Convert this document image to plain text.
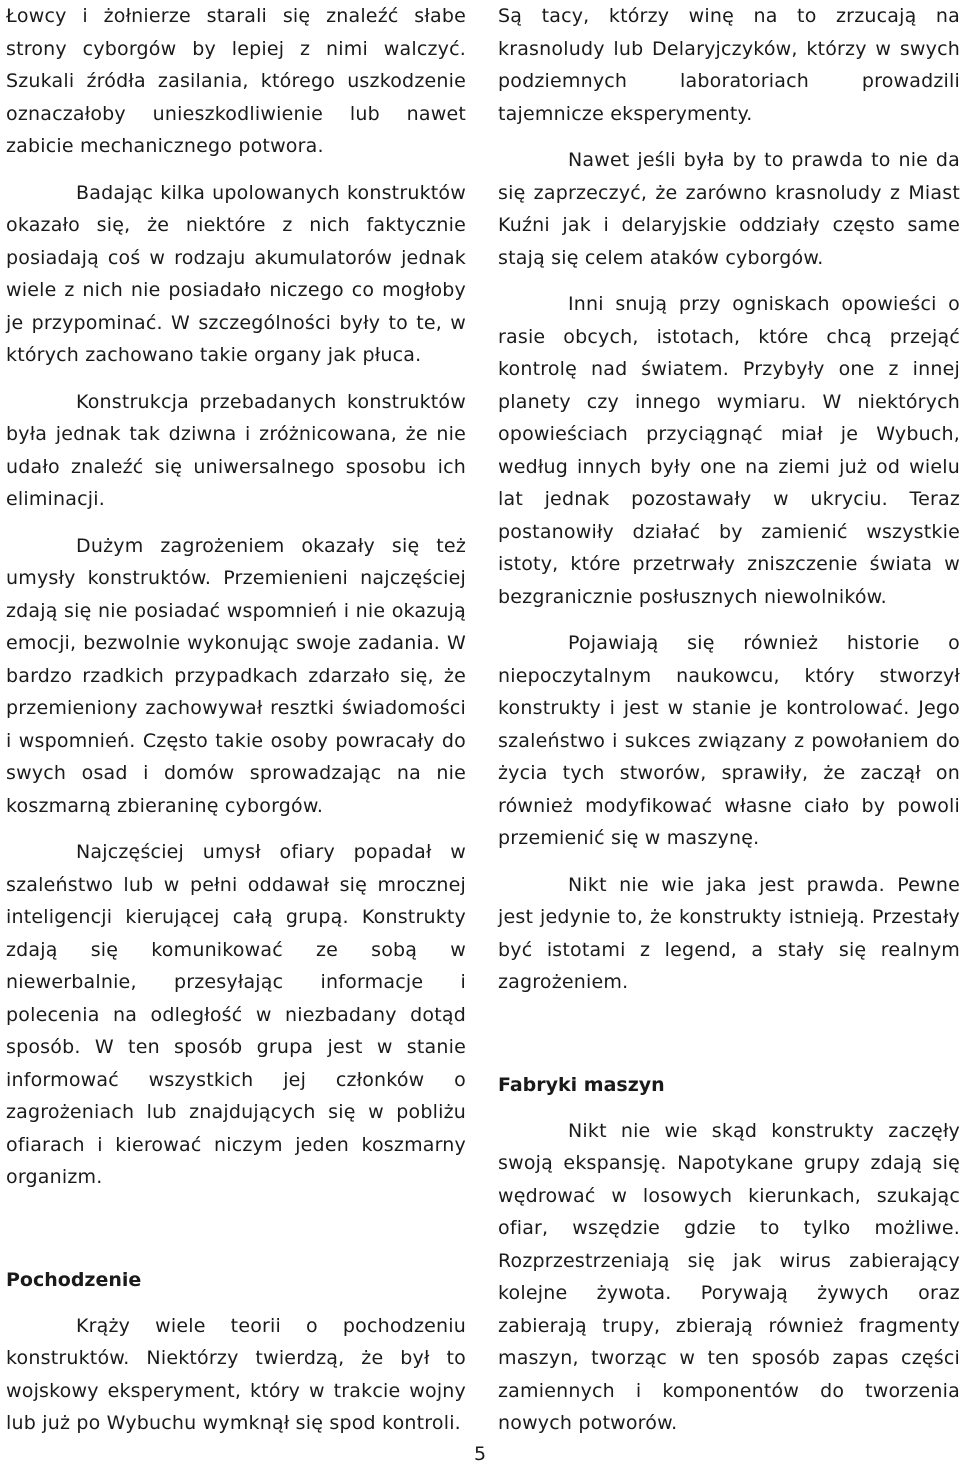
Łowcy i żołnierze starali się znaleźć słabe strony cyborgów by lepiej z nimi walczyć. Szukali źródła zasilania, którego uszkodzenie oznaczałoby unieszkodliwienie lub nawet zabicie mechanicznego potwora.

Badając kilka upolowanych konstruktów okazało się, że niektóre z nich faktycznie posiadają coś w rodzaju akumulatorów jednak wiele z nich nie posiadało niczego co mogłoby je przypominać. W szczególności były to te, w których zachowano takie organy jak płuca.

Konstrukcja przebadanych konstruktów była jednak tak dziwna i zróżnicowana, że nie udało znaleźć się uniwersalnego sposobu ich eliminacji.

Dużym zagrożeniem okazały się też umysły konstruktów. Przemienieni najczęściej zdają się nie posiadać wspomnień i nie okazują emocji, bezwolnie wykonując swoje zadania. W bardzo rzadkich przypadkach zdarzało się, że przemieniony zachowywał resztki świadomości i wspomnień. Często takie osoby powracały do swych osad i domów sprowadzając na nie koszmarną zbieraninę cyborgów.

Najczęściej umysł ofiary popadał w szaleństwo lub w pełni oddawał się mrocznej inteligencji kierującej całą grupą. Konstrukty zdają się komunikować ze sobą w niewerbalnie, przesyłając informacje i polecenia na odległość w niezbadany dotąd sposób. W ten sposób grupa jest w stanie informować wszystkich jej członków o zagrożeniach lub znajdujących się w pobliżu ofiarach i kierować niczym jeden koszmarny organizm.

Pochodzenie

Krąży wiele teorii o pochodzeniu konstruktów. Niektórzy twierdzą, że był to wojskowy eksperyment, który w trakcie wojny lub już po Wybuchu wymknął się spod kontroli.

Są tacy, którzy winę na to zrzucają na krasnoludy lub Delaryjczyków, którzy w swych podziemnych laboratoriach prowadzili tajemnicze eksperymenty.

Nawet jeśli była by to prawda to nie da się zaprzeczyć, że zarówno krasnoludy z Miast Kuźni jak i delaryjskie oddziały często same stają się celem ataków cyborgów.

Inni snują przy ogniskach opowieści o rasie obcych, istotach, które chcą przejąć kontrolę nad światem. Przybyły one z innej planety czy innego wymiaru. W niektórych opowieściach przyciągnąć miał je Wybuch, według innych były one na ziemi już od wielu lat jednak pozostawały w ukryciu. Teraz postanowiły działać by zamienić wszystkie istoty, które przetrwały zniszczenie świata w bezgranicznie posłusznych niewolników.

Pojawiają się również historie o niepoczytalnym naukowcu, który stworzył konstrukty i jest w stanie je kontrolować. Jego szaleństwo i sukces związany z powołaniem do życia tych stworów, sprawiły, że zaczął on również modyfikować własne ciało by powoli przemienić się w maszynę.

Nikt nie wie jaka jest prawda. Pewne jest jedynie to, że konstrukty istnieją. Przestały być istotami z legend, a stały się realnym zagrożeniem.

Fabryki maszyn

Nikt nie wie skąd konstrukty zaczęły swoją ekspansję. Napotykane grupy zdają się wędrować w losowych kierunkach, szukając ofiar, wszędzie gdzie to tylko możliwe. Rozprzestrzeniają się jak wirus zabierający kolejne żywota. Porywają żywych oraz zabierają trupy, zbierają również fragmenty maszyn, tworząc w ten sposób zapas części zamiennych i komponentów do tworzenia nowych potworów.

5
